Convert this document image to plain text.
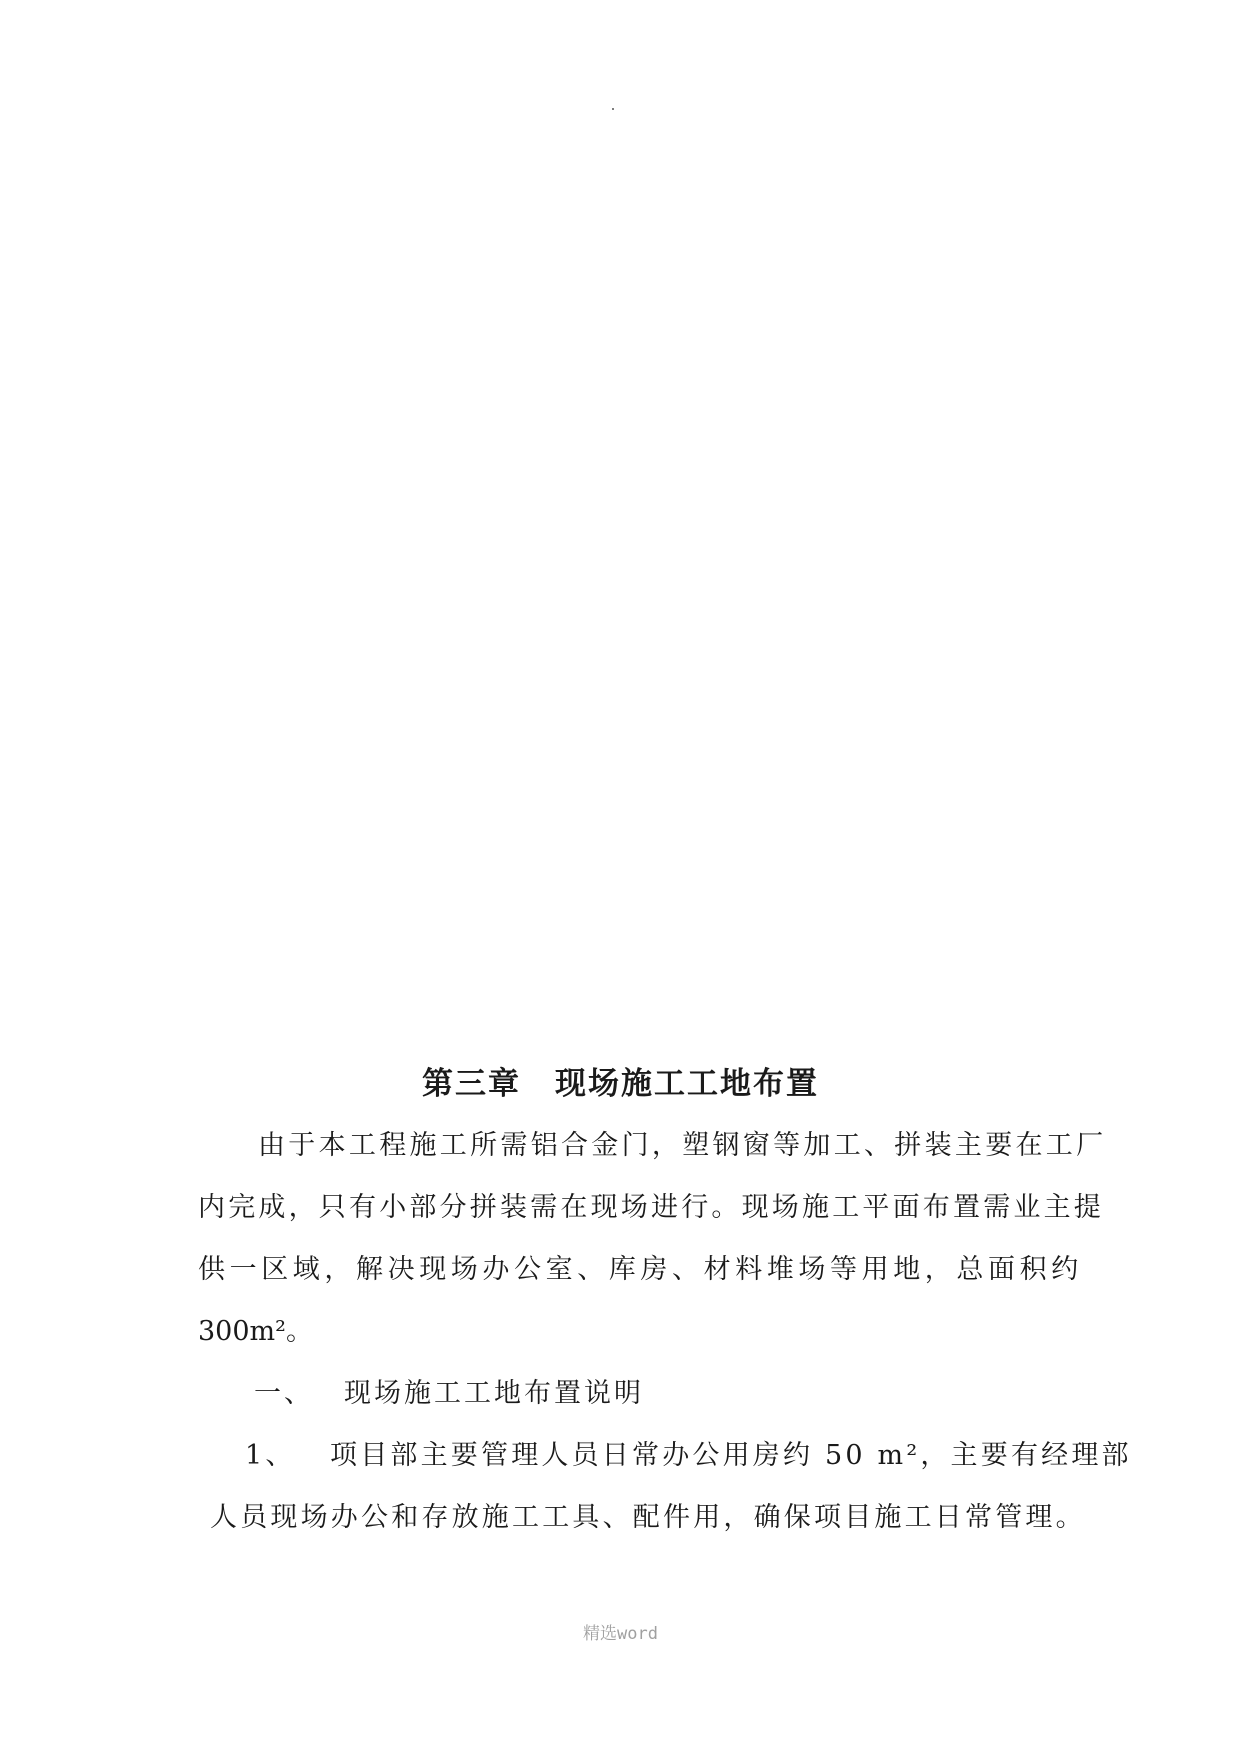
第三章 现场施工工地布置
由于本工程施工所需铝合金门，塑钢窗等加工、拼装主要在工厂
内完成，只有小部分拼装需在现场进行。现场施工平面布置需业主提
供一区域，解决现场办公室、库房、材料堆场等用地，总面积约
300m²。
一、 现场施工工地布置说明
1、 项目部主要管理人员日常办公用房约 50 m²，主要有经理部
人员现场办公和存放施工工具、配件用，确保项目施工日常管理。
精选word
